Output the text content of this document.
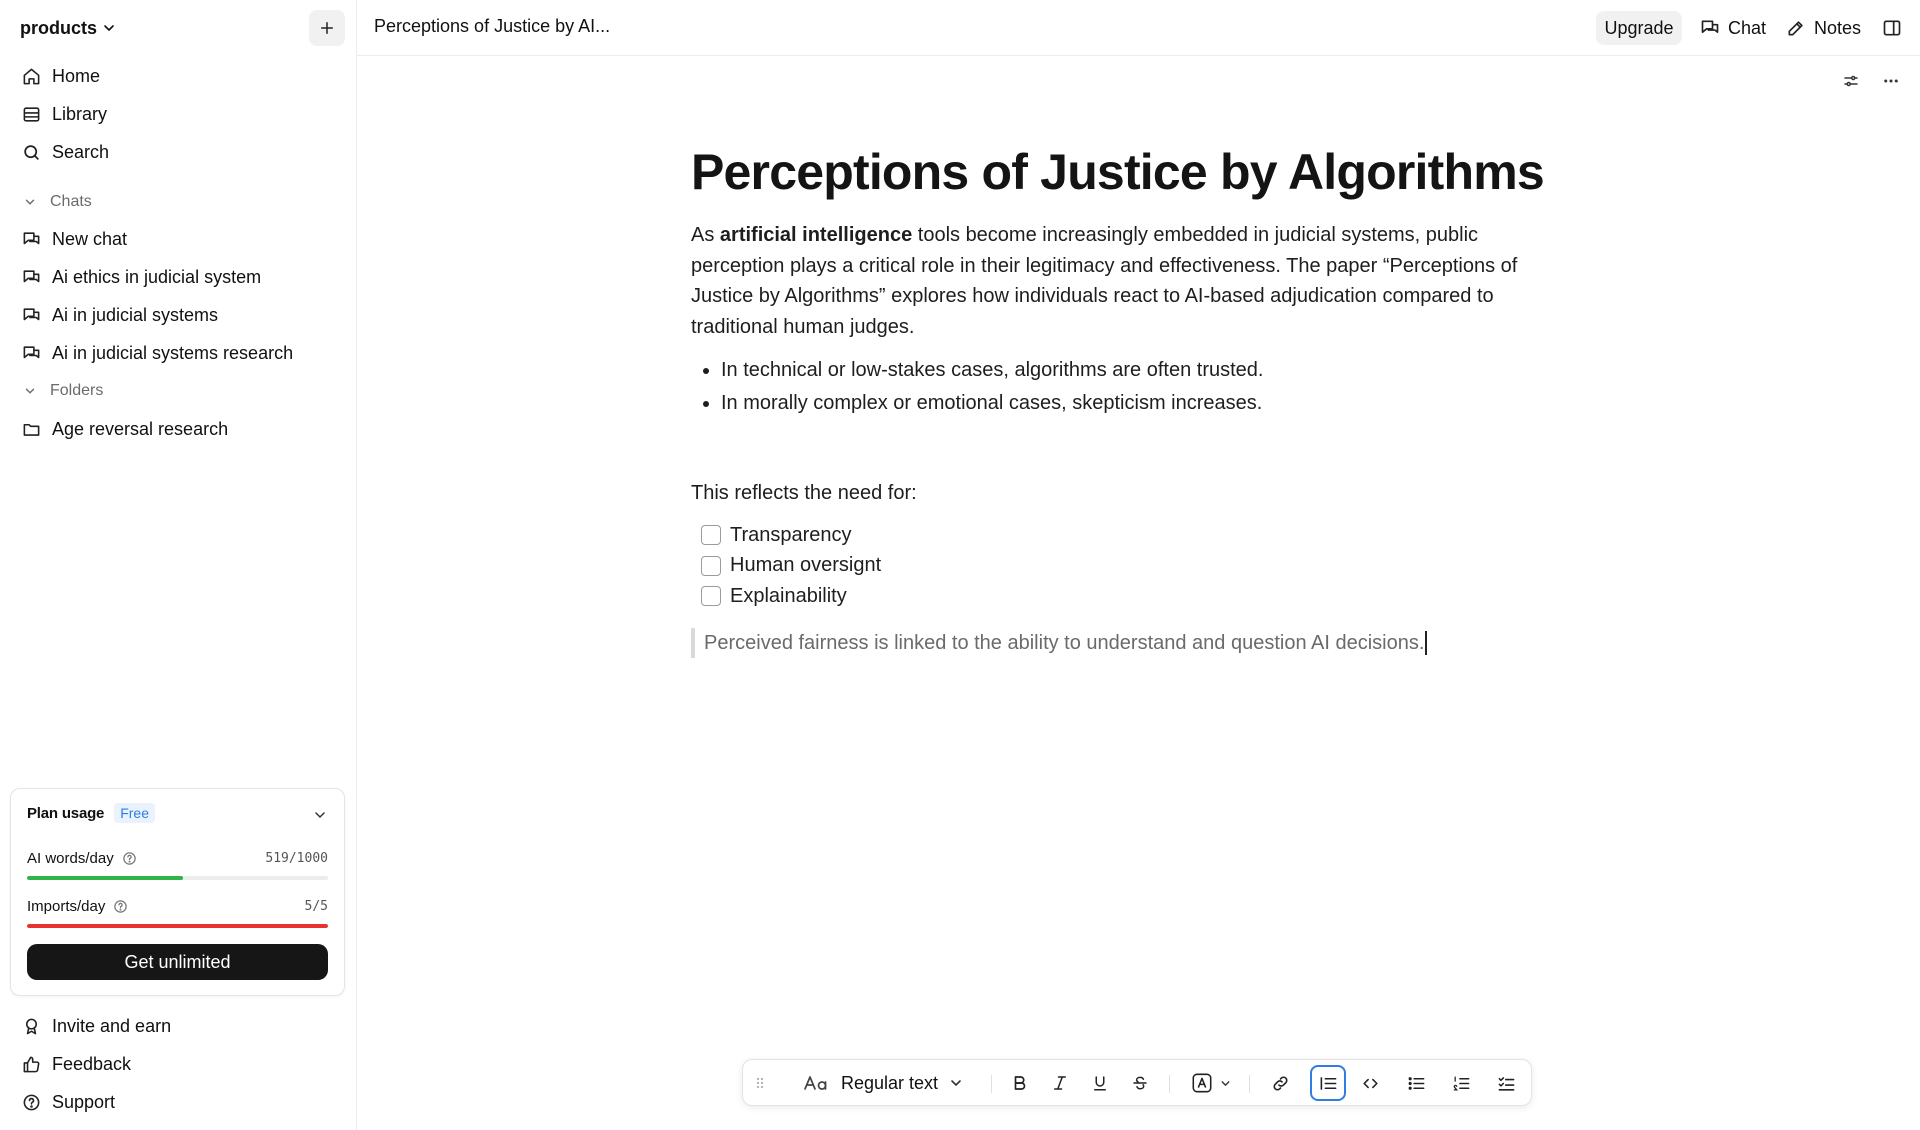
products
Home
Library
Search
Chats
New chat
Ai ethics in judicial system
Ai in judicial systems
Ai in judicial systems research
Folders
Age reversal research
Plan usage	Free
AI words/day	519/1000
Imports/day	5/5
Get unlimited
Invite and earn
Feedback
Support
Perceptions of Justice by AI...	Upgrade	Chat	Notes
Perceptions of Justice by Algorithms

As artificial intelligence tools become increasingly embedded in judicial systems, public perception plays a critical role in their legitimacy and effectiveness. The paper “Perceptions of Justice by Algorithms” explores how individuals react to AI-based adjudication compared to traditional human judges.

In technical or low-stakes cases, algorithms are often trusted.
In morally complex or emotional cases, skepticism increases.

This reflects the need for:

Transparency
Human oversignt
Explainability
Perceived fairness is linked to the ability to understand and question AI decisions.
Regular text
